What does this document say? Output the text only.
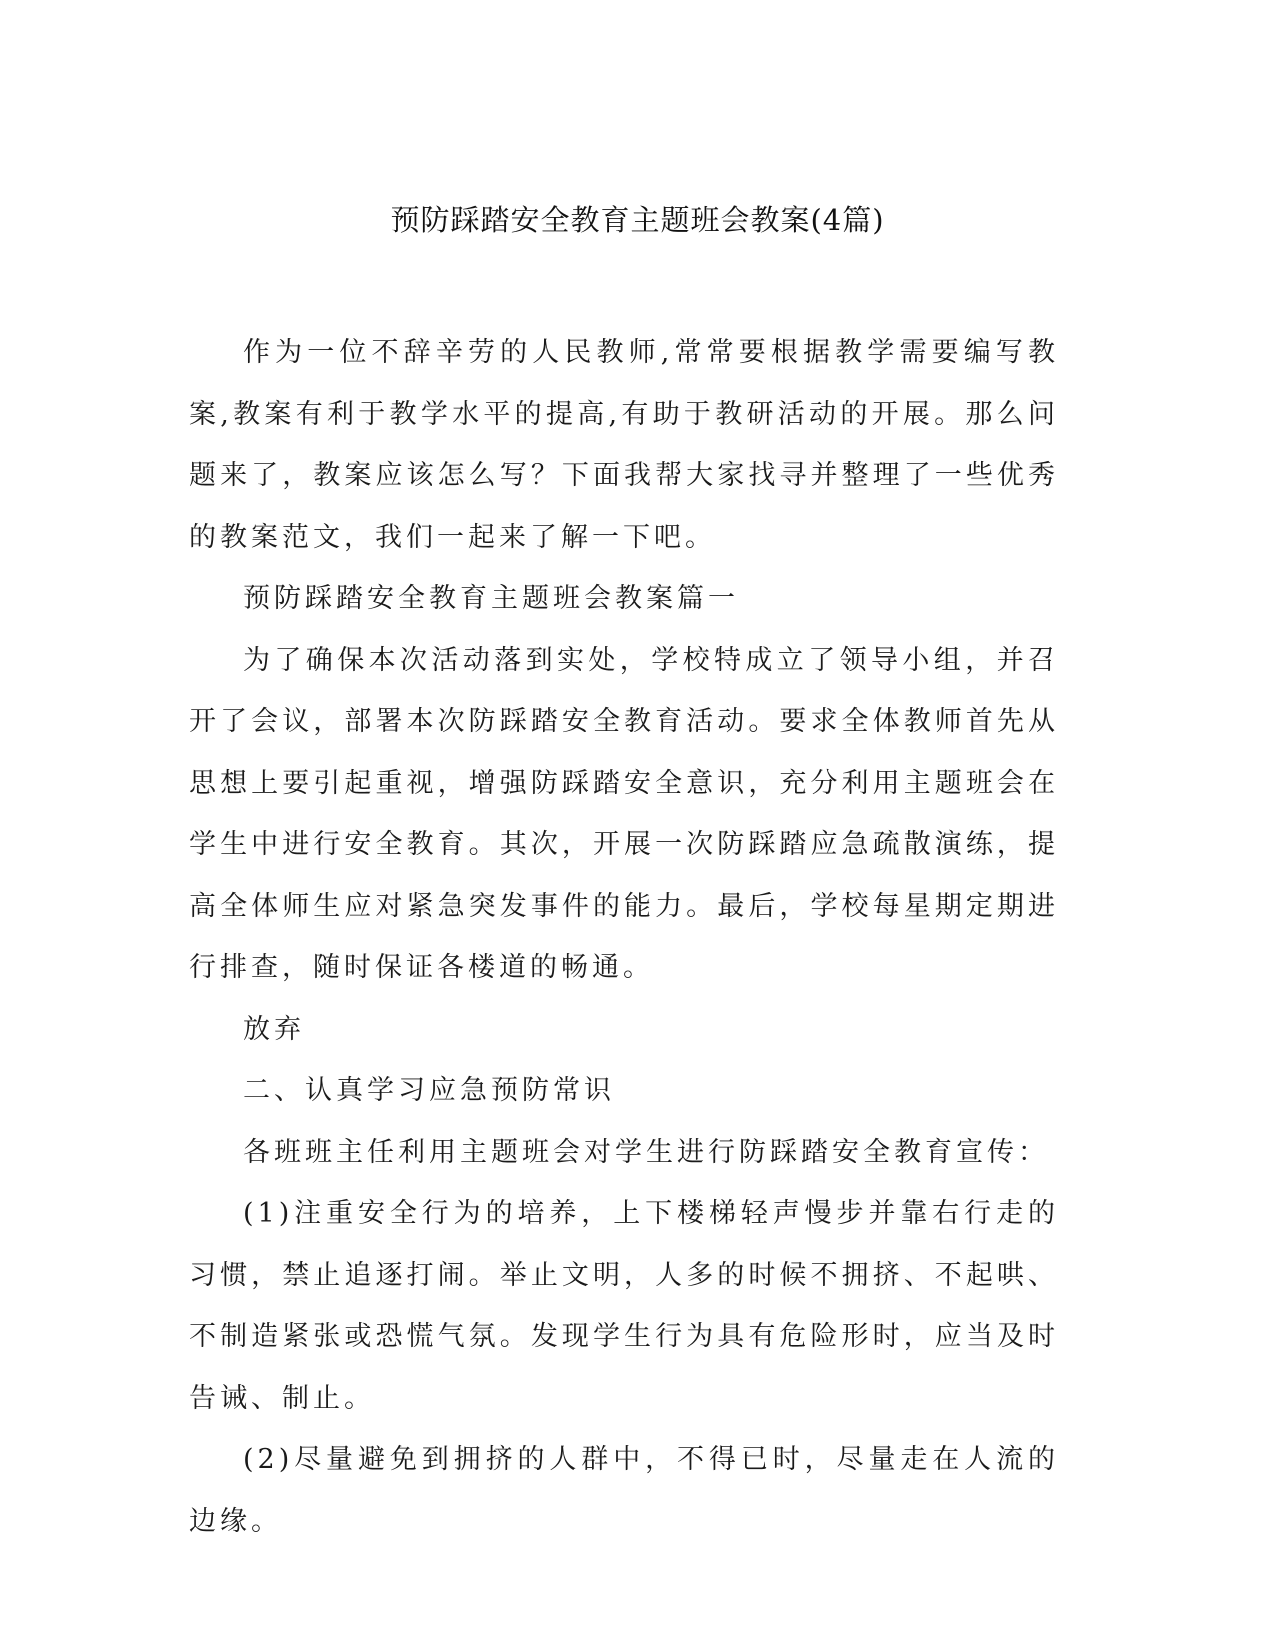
预防踩踏安全教育主题班会教案(4篇)

作为一位不辞辛劳的人民教师,常常要根据教学需要编写教案,教案有利于教学水平的提高,有助于教研活动的开展。那么问题来了，教案应该怎么写？下面我帮大家找寻并整理了一些优秀的教案范文，我们一起来了解一下吧。

预防踩踏安全教育主题班会教案篇一

为了确保本次活动落到实处，学校特成立了领导小组，并召开了会议，部署本次防踩踏安全教育活动。要求全体教师首先从思想上要引起重视，增强防踩踏安全意识，充分利用主题班会在学生中进行安全教育。其次，开展一次防踩踏应急疏散演练，提高全体师生应对紧急突发事件的能力。最后，学校每星期定期进行排查，随时保证各楼道的畅通。

放弃

二、认真学习应急预防常识

各班班主任利用主题班会对学生进行防踩踏安全教育宣传：

(1)注重安全行为的培养，上下楼梯轻声慢步并靠右行走的习惯，禁止追逐打闹。举止文明，人多的时候不拥挤、不起哄、不制造紧张或恐慌气氛。发现学生行为具有危险形时，应当及时告诫、制止。

(2)尽量避免到拥挤的人群中，不得已时，尽量走在人流的边缘。
